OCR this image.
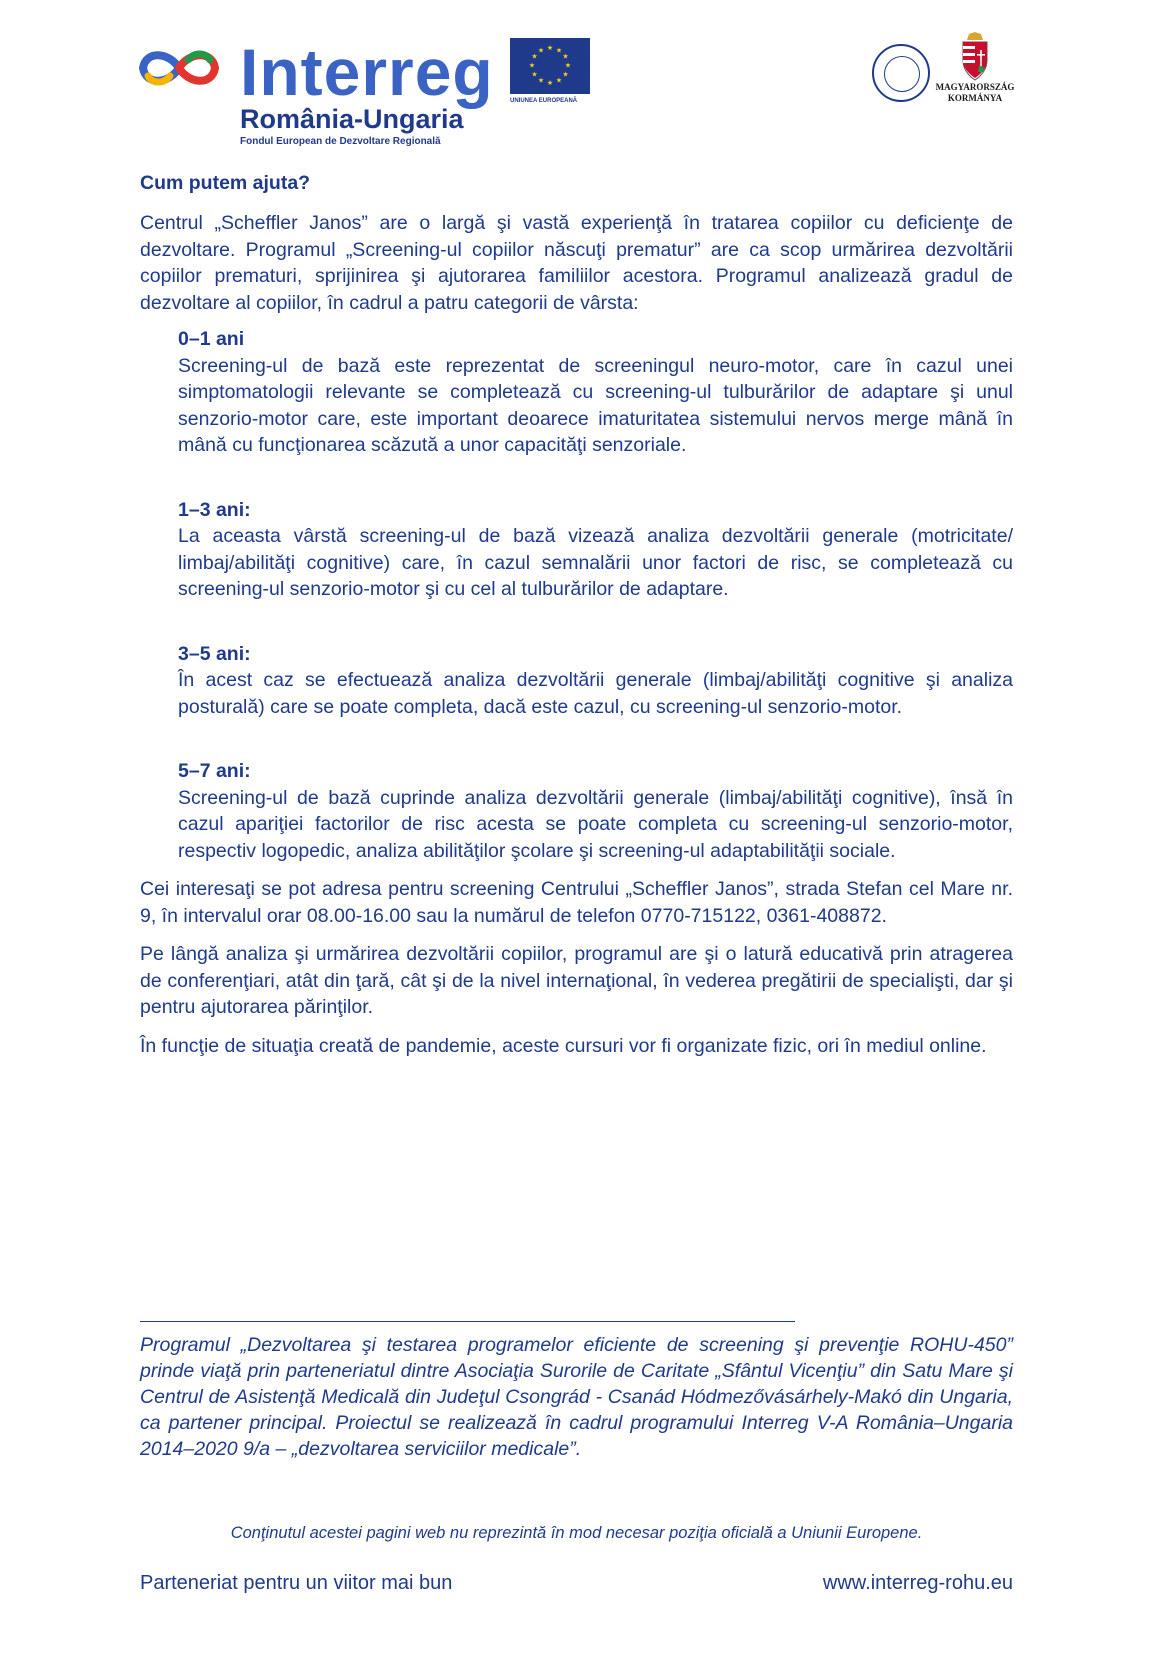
Interreg
România-Ungaria
Fondul European de Dezvoltare Regională
★ ★
★
★
★
★
★
★
★
★
★
★
UNIUNEA EUROPEANĂ
MAGYARORSZÁG KORMÁNYA
Cum putem ajuta?

Centrul „Scheffler Janos” are o largă şi vastă experienţă în tratarea copiilor cu deficienţe de dezvoltare. Programul „Screening-ul copiilor născuţi prematur” are ca scop urmărirea dezvoltării copiilor prematuri, sprijinirea şi ajutorarea familiilor acestora. Programul analizează gradul de dezvoltare al copiilor, în cadrul a patru categorii de vârsta:

0–1 ani

Screening-ul de bază este reprezentat de screeningul neuro-motor, care în cazul unei simptomatologii relevante se completează cu screening-ul tulburărilor de adaptare şi unul senzorio-motor care, este important deoarece imaturitatea sistemului nervos merge mână în mână cu funcţionarea scăzută a unor capacităţi senzoriale.

1–3 ani:

La aceasta vârstă screening-ul de bază vizează analiza dezvoltării generale (motricitate/ limbaj/abilităţi cognitive) care, în cazul semnalării unor factori de risc, se completează cu screening-ul senzorio-motor şi cu cel al tulburărilor de adaptare.

3–5 ani:

În acest caz se efectuează analiza dezvoltării generale (limbaj/abilităţi cognitive şi analiza posturală) care se poate completa, dacă este cazul, cu screening-ul senzorio-motor.

5–7 ani:

Screening-ul de bază cuprinde analiza dezvoltării generale (limbaj/abilităţi cognitive), însă în cazul apariţiei factorilor de risc acesta se poate completa cu screening-ul senzorio-motor, respectiv logopedic, analiza abilităţilor şcolare şi screening-ul adaptabilităţii sociale.

Cei interesaţi se pot adresa pentru screening Centrului „Scheffler Janos”, strada Stefan cel Mare nr. 9, în intervalul orar 08.00-16.00 sau la numărul de telefon 0770-715122, 0361-408872.

Pe lângă analiza şi urmărirea dezvoltării copiilor, programul are şi o latură educativă prin atragerea de conferenţiari, atât din ţară, cât şi de la nivel internaţional, în vederea pregătirii de specialişti, dar şi pentru ajutorarea părinţilor.

În funcţie de situaţia creată de pandemie, aceste cursuri vor fi organizate fizic, ori în mediul online.

Programul „Dezvoltarea şi testarea programelor eficiente de screening şi prevenţie ROHU-450” prinde viaţă prin parteneriatul dintre Asociaţia Surorile de Caritate „Sfântul Vicenţiu” din Satu Mare şi Centrul de Asistenţă Medicală din Judeţul Csongrád - Csanád Hódmezővásárhely-Makó din Ungaria, ca partener principal. Proiectul se realizează în cadrul programului Interreg V-A România–Ungaria 2014–2020 9/a – „dezvoltarea serviciilor medicale”.
Conţinutul acestei pagini web nu reprezintă în mod necesar poziţia oficială a Uniunii Europene.
Parteneriat pentru un viitor mai bun	www.interreg-rohu.eu
